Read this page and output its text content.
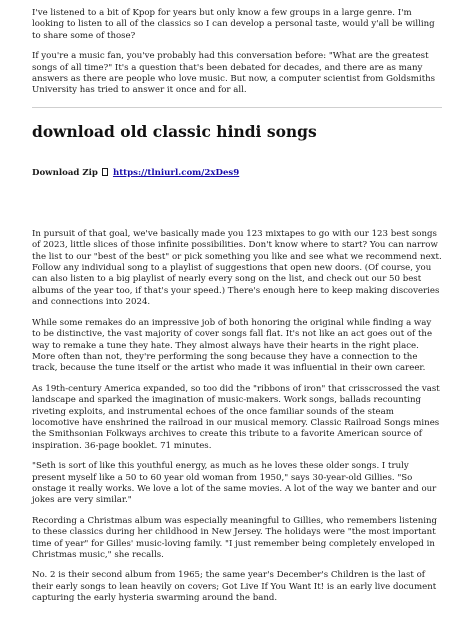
I've listened to a bit of Kpop for years but only know a few groups in a large genre. I'm looking to listen to all of the classics so I can develop a personal taste, would y'all be willing to share some of those?

If you're a music fan, you've probably had this conversation before: "What are the greatest songs of all time?" It's a question that's been debated for decades, and there are as many answers as there are people who love music. But now, a computer scientist from Goldsmiths University has tried to answer it once and for all.

download old classic hindi songs
Download Zip https://tlniurl.com/2xDes9

In pursuit of that goal, we've basically made you 123 mixtapes to go with our 123 best songs of 2023, little slices of those infinite possibilities. Don't know where to start? You can narrow the list to our "best of the best" or pick something you like and see what we recommend next. Follow any individual song to a playlist of suggestions that open new doors. (Of course, you can also listen to a big playlist of nearly every song on the list, and check out our 50 best albums of the year too, if that's your speed.) There's enough here to keep making discoveries and connections into 2024.

While some remakes do an impressive job of both honoring the original while finding a way to be distinctive, the vast majority of cover songs fall flat. It's not like an act goes out of the way to remake a tune they hate. They almost always have their hearts in the right place. More often than not, they're performing the song because they have a connection to the track, because the tune itself or the artist who made it was influential in their own career.

As 19th-century America expanded, so too did the "ribbons of iron" that crisscrossed the vast landscape and sparked the imagination of music-makers. Work songs, ballads recounting riveting exploits, and instrumental echoes of the once familiar sounds of the steam locomotive have enshrined the railroad in our musical memory. Classic Railroad Songs mines the Smithsonian Folkways archives to create this tribute to a favorite American source of inspiration. 36-page booklet. 71 minutes.

"Seth is sort of like this youthful energy, as much as he loves these older songs. I truly present myself like a 50 to 60 year old woman from 1950," says 30-year-old Gillies. "So onstage it really works. We love a lot of the same movies. A lot of the way we banter and our jokes are very similar."

Recording a Christmas album was especially meaningful to Gillies, who remembers listening to these classics during her childhood in New Jersey. The holidays were "the most important time of year" for Gilles' music-loving family. "I just remember being completely enveloped in Christmas music," she recalls.

No. 2 is their second album from 1965; the same year's December's Children is the last of their early songs to lean heavily on covers; Got Live If You Want It! is an early live document capturing the early hysteria swarming around the band.
